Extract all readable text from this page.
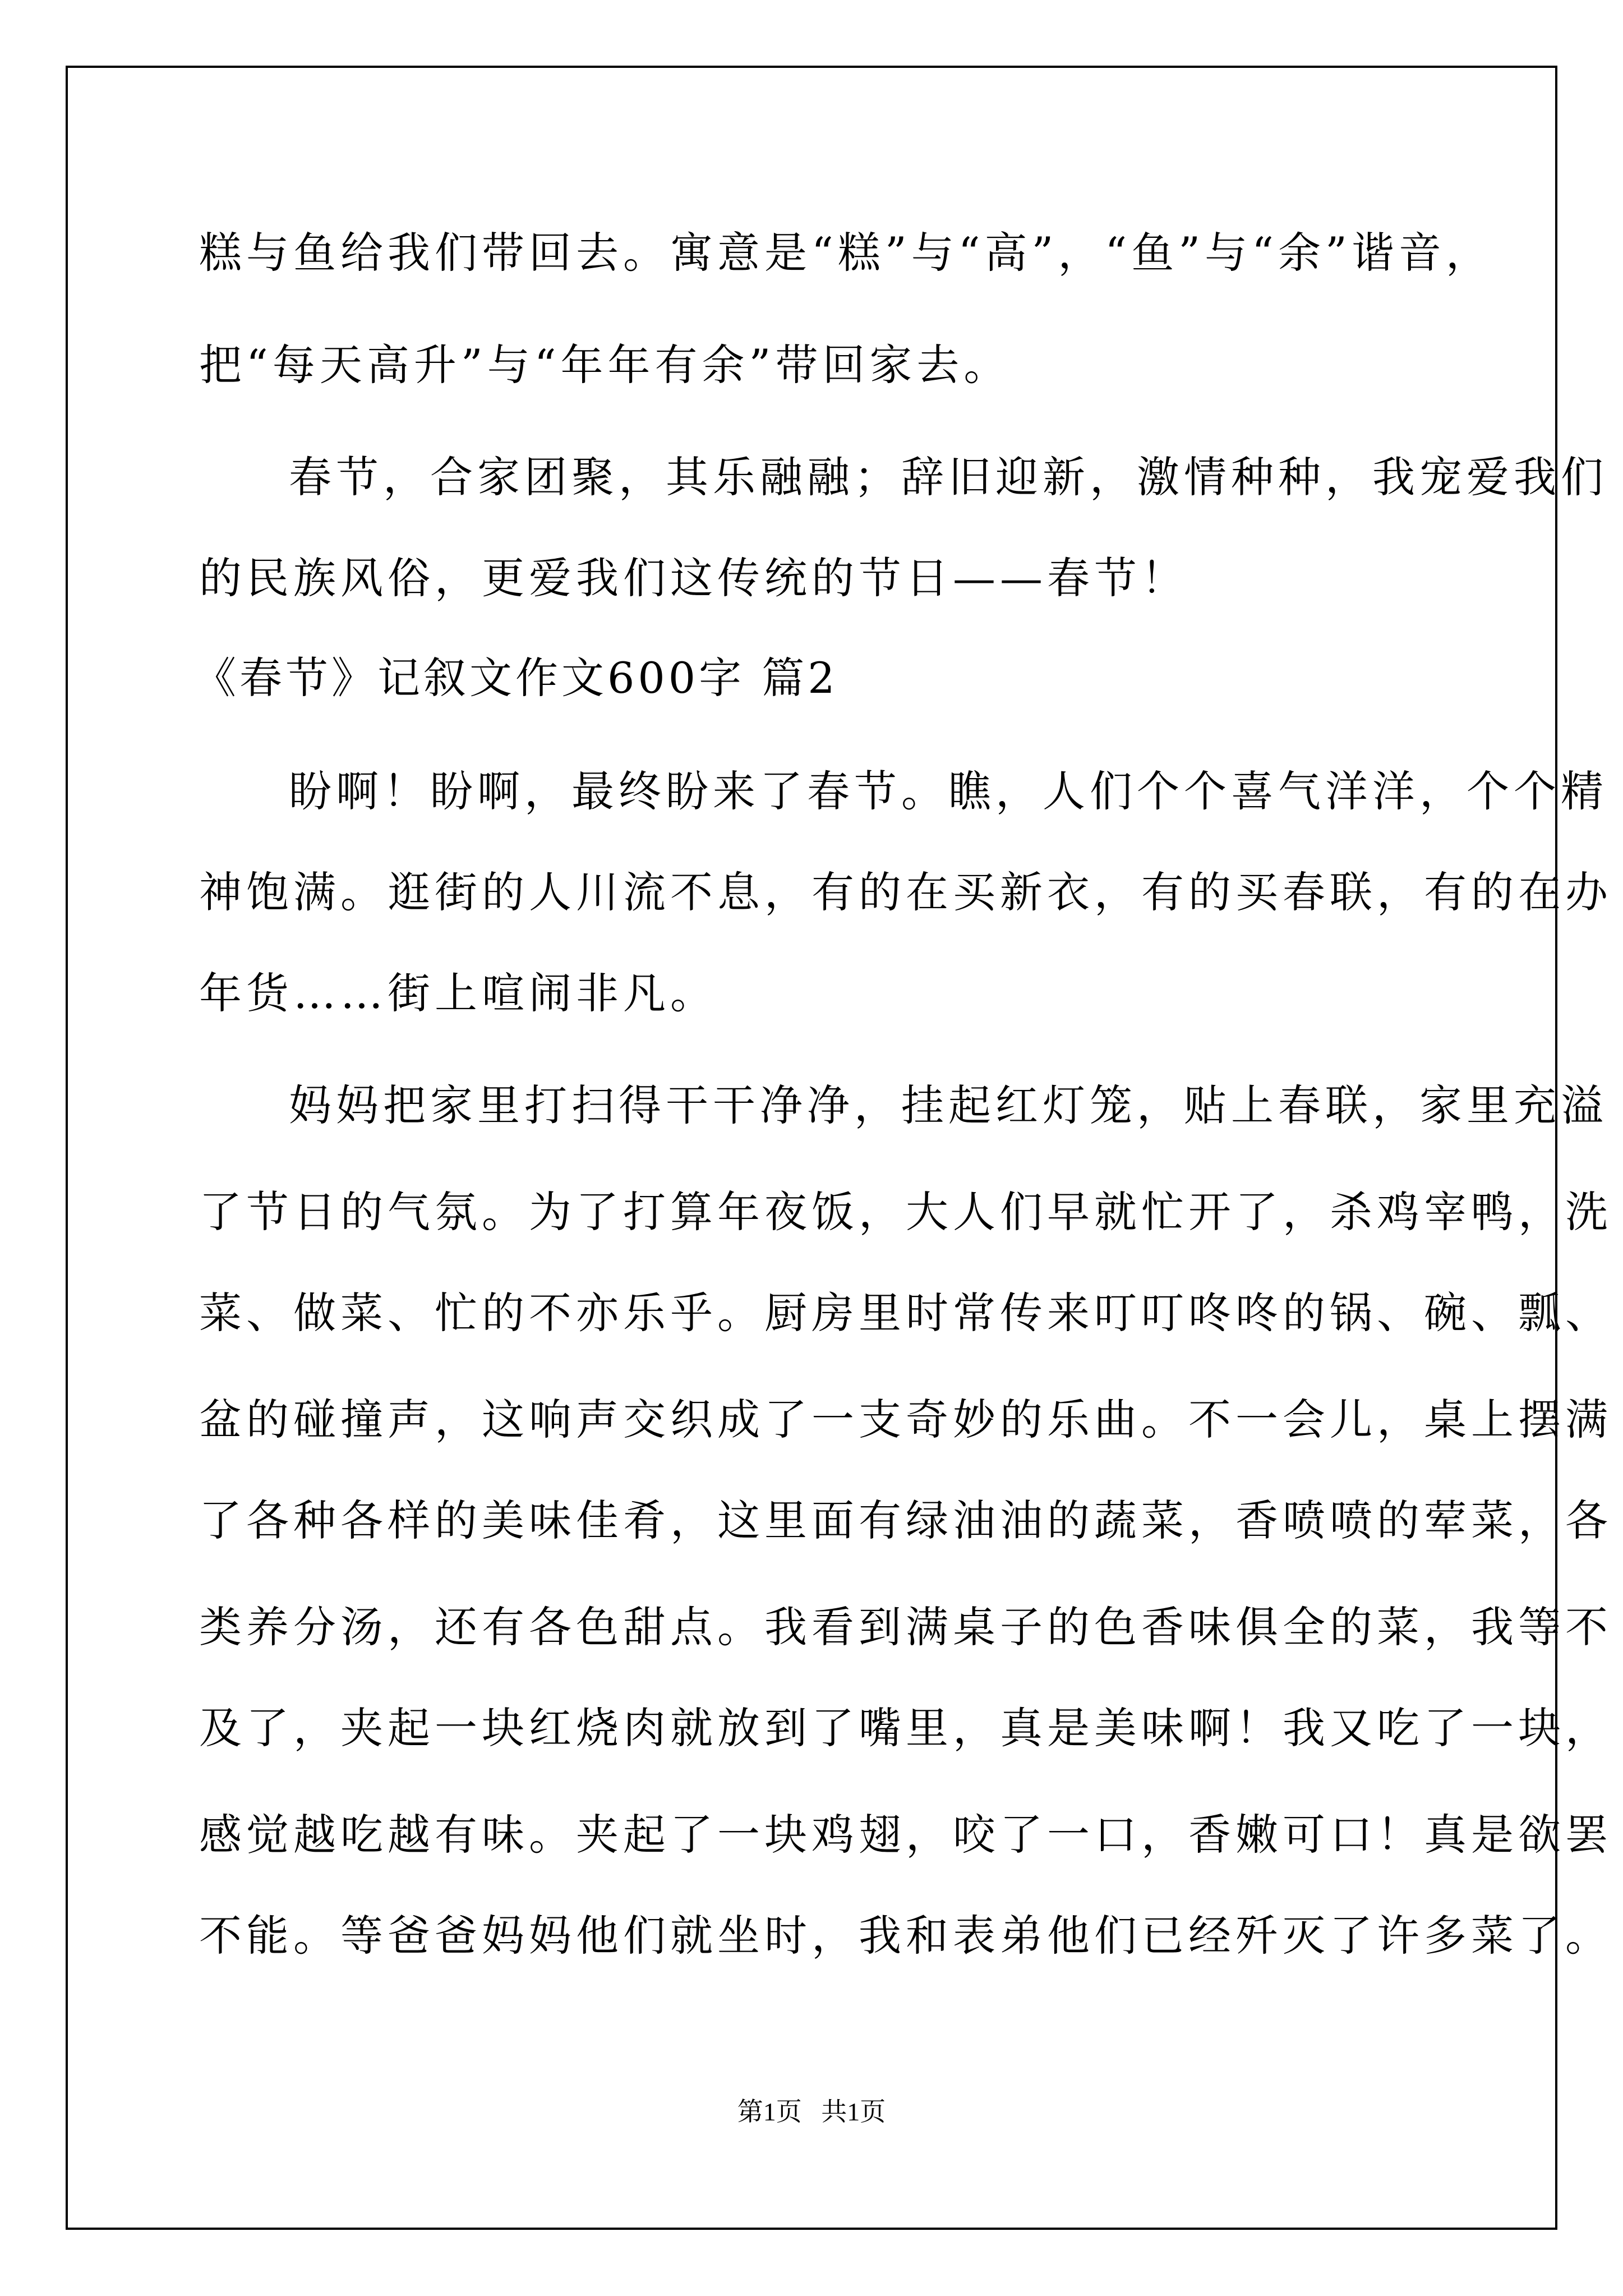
糕与鱼给我们带回去。寓意是“糕”与“高”，“鱼”与“余”谐音，
把“每天高升”与“年年有余”带回家去。
春节，合家团聚，其乐融融；辞旧迎新，激情种种，我宠爱我们
的民族风俗，更爱我们这传统的节日——春节！
《春节》记叙文作文600字 篇2
盼啊！盼啊，最终盼来了春节。瞧，人们个个喜气洋洋，个个精
神饱满。逛街的人川流不息，有的在买新衣，有的买春联，有的在办
年货……街上喧闹非凡。
妈妈把家里打扫得干干净净，挂起红灯笼，贴上春联，家里充溢
了节日的气氛。为了打算年夜饭，大人们早就忙开了，杀鸡宰鸭，洗
菜、做菜、忙的不亦乐乎。厨房里时常传来叮叮咚咚的锅、碗、瓢、
盆的碰撞声，这响声交织成了一支奇妙的乐曲。不一会儿，桌上摆满
了各种各样的美味佳肴，这里面有绿油油的蔬菜，香喷喷的荤菜，各
类养分汤，还有各色甜点。我看到满桌子的色香味俱全的菜，我等不
及了，夹起一块红烧肉就放到了嘴里，真是美味啊！我又吃了一块，
感觉越吃越有味。夹起了一块鸡翅，咬了一口，香嫩可口！真是欲罢
不能。等爸爸妈妈他们就坐时，我和表弟他们已经歼灭了许多菜了。
第1页   共1页
